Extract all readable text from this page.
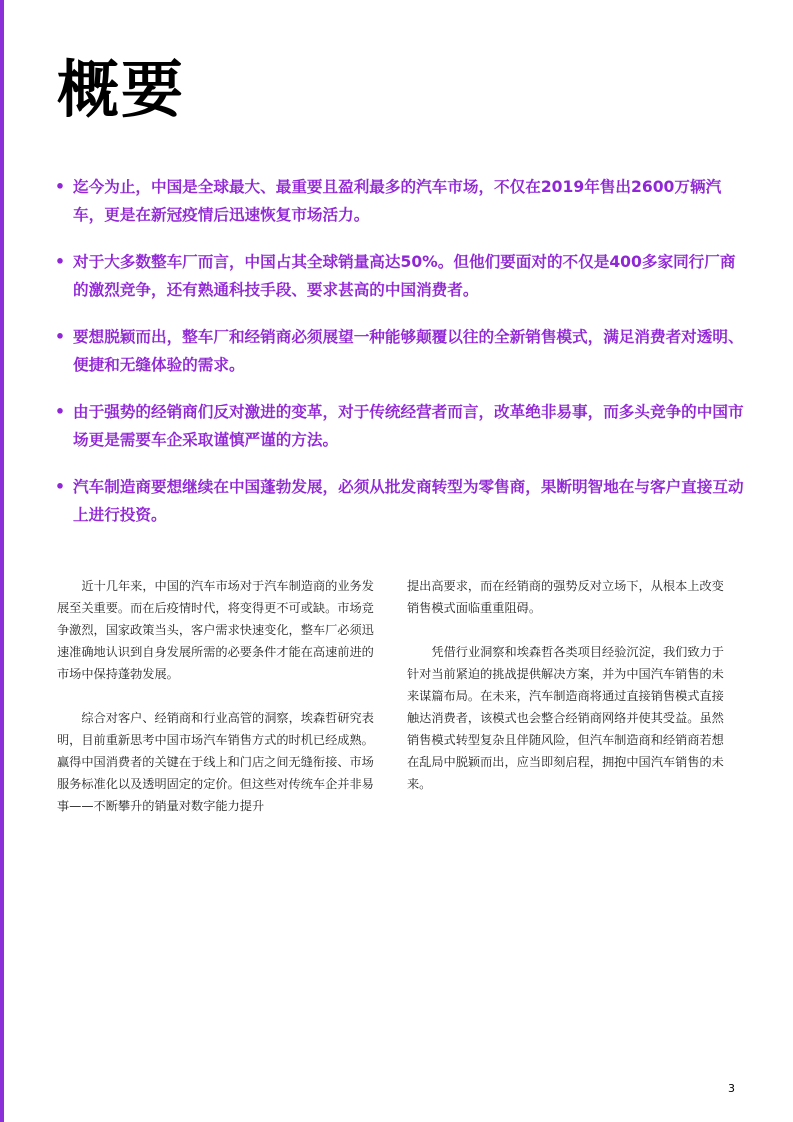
概要
• 迄今为止，中国是全球最大、最重要且盈利最多的汽车市场，不仅在2019年售出2600万辆汽车，更是在新冠疫情后迅速恢复市场活力。
• 对于大多数整车厂而言，中国占其全球销量高达50%。但他们要面对的不仅是400多家同行厂商的激烈竞争，还有熟通科技手段、要求甚高的中国消费者。
• 要想脱颖而出，整车厂和经销商必须展望一种能够颠覆以往的全新销售模式，满足消费者对透明、便捷和无缝体验的需求。
• 由于强势的经销商们反对激进的变革，对于传统经营者而言，改革绝非易事，而多头竞争的中国市场更是需要车企采取谨慎严谨的方法。
• 汽车制造商要想继续在中国蓬勃发展，必须从批发商转型为零售商，果断明智地在与客户直接互动上进行投资。

近十几年来，中国的汽车市场对于汽车制造商的业务发展至关重要。而在后疫情时代，将变得更不可或缺。市场竞争激烈，国家政策当头，客户需求快速变化，整车厂必须迅速准确地认识到自身发展所需的必要条件才能在高速前进的市场中保持蓬勃发展。

综合对客户、经销商和行业高管的洞察，埃森哲研究表明，目前重新思考中国市场汽车销售方式的时机已经成熟。赢得中国消费者的关键在于线上和门店之间无缝衔接、市场服务标准化以及透明固定的定价。但这些对传统车企并非易事——不断攀升的销量对数字能力提升

提出高要求，而在经销商的强势反对立场下，从根本上改变销售模式面临重重阻碍。

凭借行业洞察和埃森哲各类项目经验沉淀，我们致力于针对当前紧迫的挑战提供解决方案，并为中国汽车销售的未来谋篇布局。在未来，汽车制造商将通过直接销售模式直接触达消费者，该模式也会整合经销商网络并使其受益。虽然销售模式转型复杂且伴随风险，但汽车制造商和经销商若想在乱局中脱颖而出，应当即刻启程，拥抱中国汽车销售的未来。

3
